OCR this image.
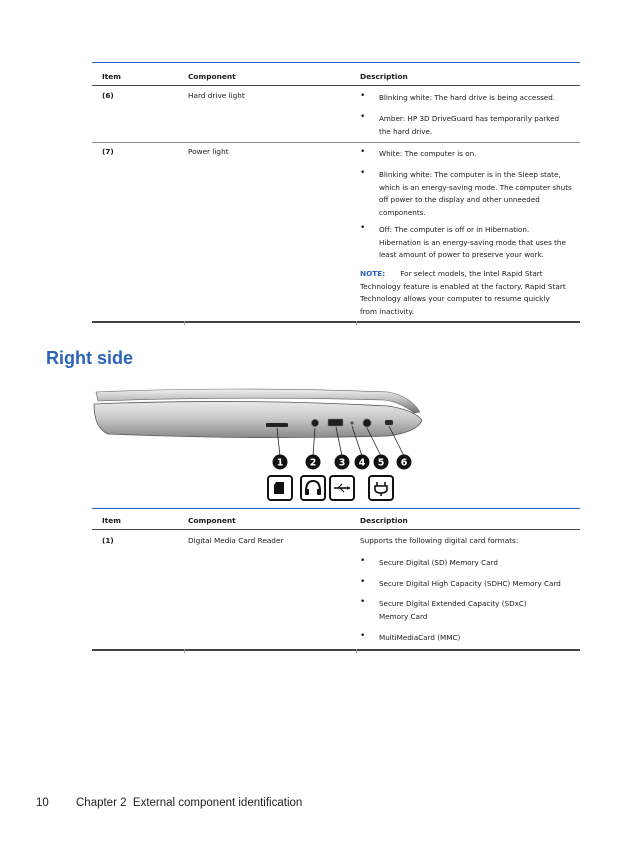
Item	Component	Description
(6)	Hard drive light	• Blinking white: The hard drive is being accessed.
• Amber: HP 3D DriveGuard has temporarily parked
the hard drive.
(7)	Power light	• White: The computer is on.
• Blinking white: The computer is in the Sleep state,
which is an energy-saving mode. The computer shuts
off power to the display and other unneeded
components.
• Off: The computer is off or in Hibernation.
Hibernation is an energy-saving mode that uses the
least amount of power to preserve your work.
NOTE: For select models, the Intel Rapid Start
Technology feature is enabled at the factory. Rapid Start
Technology allows your computer to resume quickly
from inactivity.
Right side
1	2 3 4 5 6
Item	Component	Description
(1)	Digital Media Card Reader	Supports the following digital card formats:
• Secure Digital (SD) Memory Card
• Secure Digital High Capacity (SDHC) Memory Card
• Secure Digital Extended Capacity (SDxC)
Memory Card
• MultiMediaCard (MMC)
10 Chapter 2  External component identification
